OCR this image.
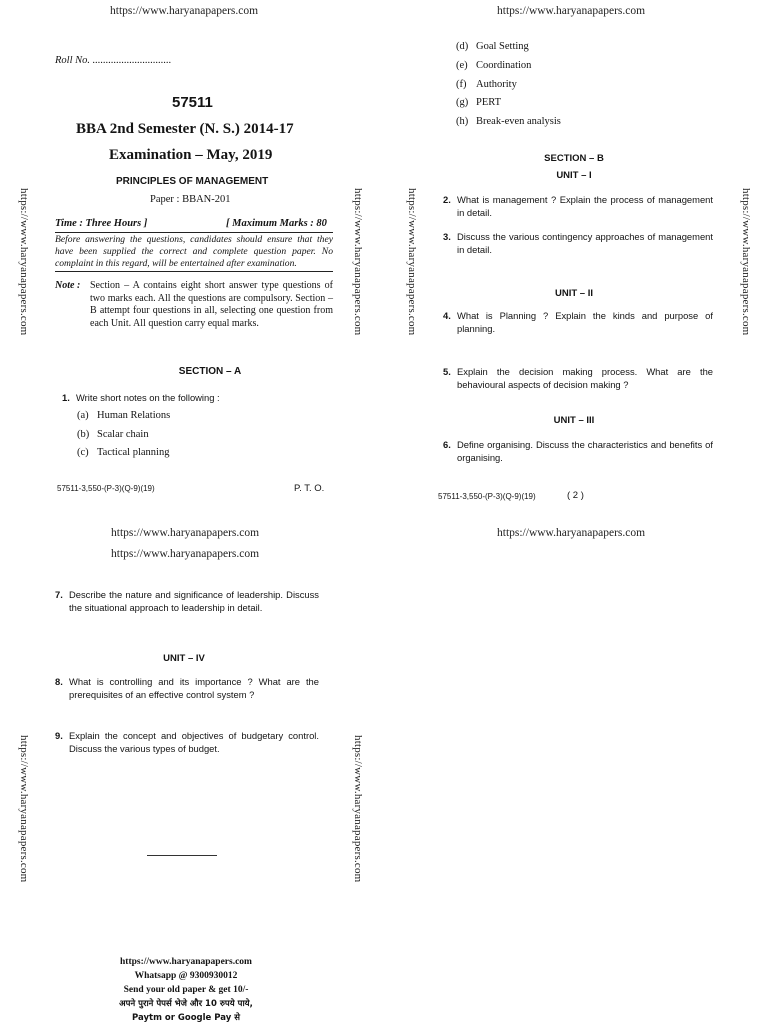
https://www.haryanapapers.com	https://www.haryanapapers.com
https://www.haryanapapers.com	https://www.haryanapapers.com	https://www.haryanapapers.com	https://www.haryanapapers.com
https://www.haryanapapers.com	https://www.haryanapapers.com
Roll No. ..............................
57511
BBA 2nd Semester (N. S.) 2014-17
Examination – May, 2019
PRINCIPLES OF MANAGEMENT
Paper : BBAN-201
Time : Three Hours ]	[ Maximum Marks : 80
Before answering the questions, candidates should ensure that they have been supplied the correct and complete question paper. No complaint in this regard, will be entertained after examination.
Note : Section – A contains eight short answer type questions of two marks each. All the questions are compulsory. Section – B attempt four questions in all, selecting one question from each Unit. All question carry equal marks.
SECTION – A
1. Write short notes on the following :
(a) Human Relations
(b) Scalar chain
(c) Tactical planning
57511-3,550-(P-3)(Q-9)(19)	P. T. O.
(d) Goal Setting
(e) Coordination
(f) Authority
(g) PERT
(h) Break-even analysis
SECTION – B
UNIT – I
2. What is management ? Explain the process of management in detail.
3. Discuss the various contingency approaches of management in detail.
UNIT – II
4. What is Planning ? Explain the kinds and purpose of planning.
5. Explain the decision making process. What are the behavioural aspects of decision making ?
UNIT – III
6. Define organising. Discuss the characteristics and benefits of organising.
57511-3,550-(P-3)(Q-9)(19)	( 2 )
https://www.haryanapapers.com	https://www.haryanapapers.com
https://www.haryanapapers.com
7. Describe the nature and significance of leadership. Discuss the situational approach to leadership in detail.
UNIT – IV
8. What is controlling and its importance ? What are the prerequisites of an effective control system ?
9. Explain the concept and objectives of budgetary control. Discuss the various types of budget.
https://www.haryanapapers.com
Whatsapp @ 9300930012
Send your old paper & get 10/-
अपने पुराने पेपर्स भेजे और 10 रुपये पाये,
Paytm or Google Pay से
